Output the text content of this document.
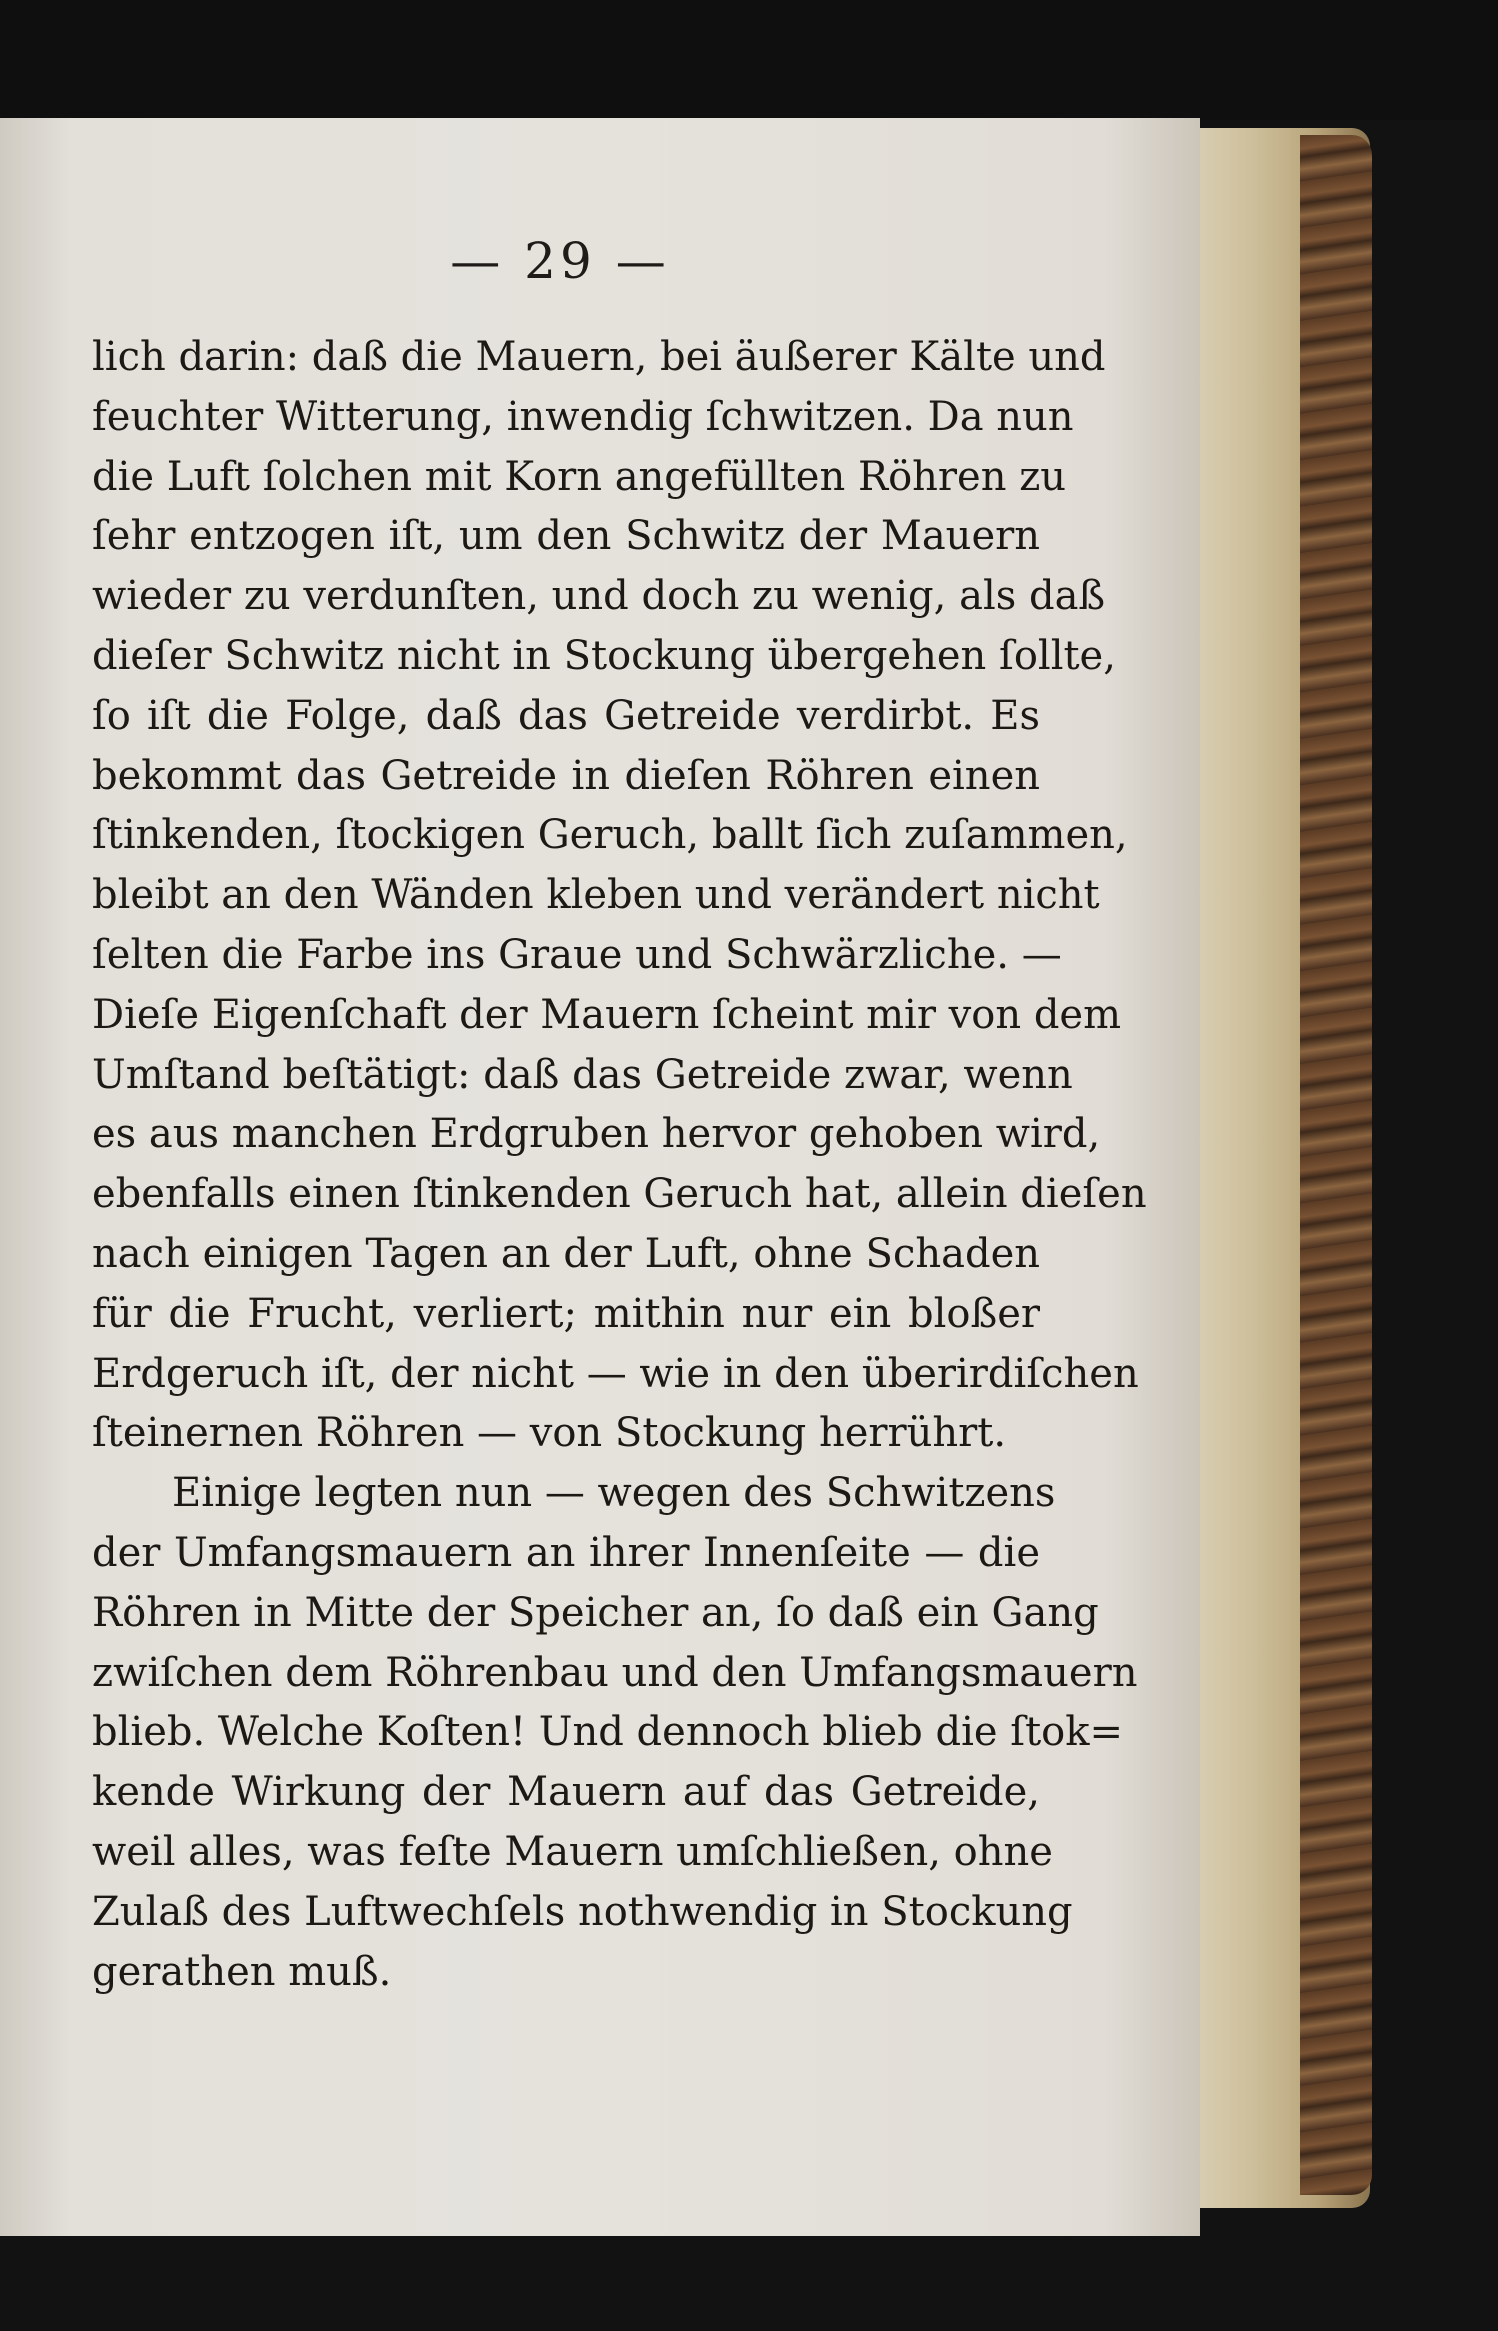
— 29 —
lich darin: daß die Mauern, bei äußerer Kälte und
feuchter Witterung, inwendig ſchwitzen. Da nun
die Luft ſolchen mit Korn angefüllten Röhren zu
ſehr entzogen iſt, um den Schwitz der Mauern
wieder zu verdunſten, und doch zu wenig, als daß
dieſer Schwitz nicht in Stockung übergehen ſollte,
ſo iſt die Folge, daß das Getreide verdirbt. Es
bekommt das Getreide in dieſen Röhren einen
ſtinkenden, ſtockigen Geruch, ballt ſich zuſammen,
bleibt an den Wänden kleben und verändert nicht
ſelten die Farbe ins Graue und Schwärzliche. —
Dieſe Eigenſchaft der Mauern ſcheint mir von dem
Umſtand beſtätigt: daß das Getreide zwar, wenn
es aus manchen Erdgruben hervor gehoben wird,
ebenfalls einen ſtinkenden Geruch hat, allein dieſen
nach einigen Tagen an der Luft, ohne Schaden
für die Frucht, verliert; mithin nur ein bloßer
Erdgeruch iſt, der nicht — wie in den überirdiſchen
ſteinernen Röhren — von Stockung herrührt.
Einige legten nun — wegen des Schwitzens
der Umfangsmauern an ihrer Innenſeite — die
Röhren in Mitte der Speicher an, ſo daß ein Gang
zwiſchen dem Röhrenbau und den Umfangsmauern
blieb. Welche Koſten! Und dennoch blieb die ſtok=
kende Wirkung der Mauern auf das Getreide,
weil alles, was feſte Mauern umſchließen, ohne
Zulaß des Luftwechſels nothwendig in Stockung
gerathen muß.
